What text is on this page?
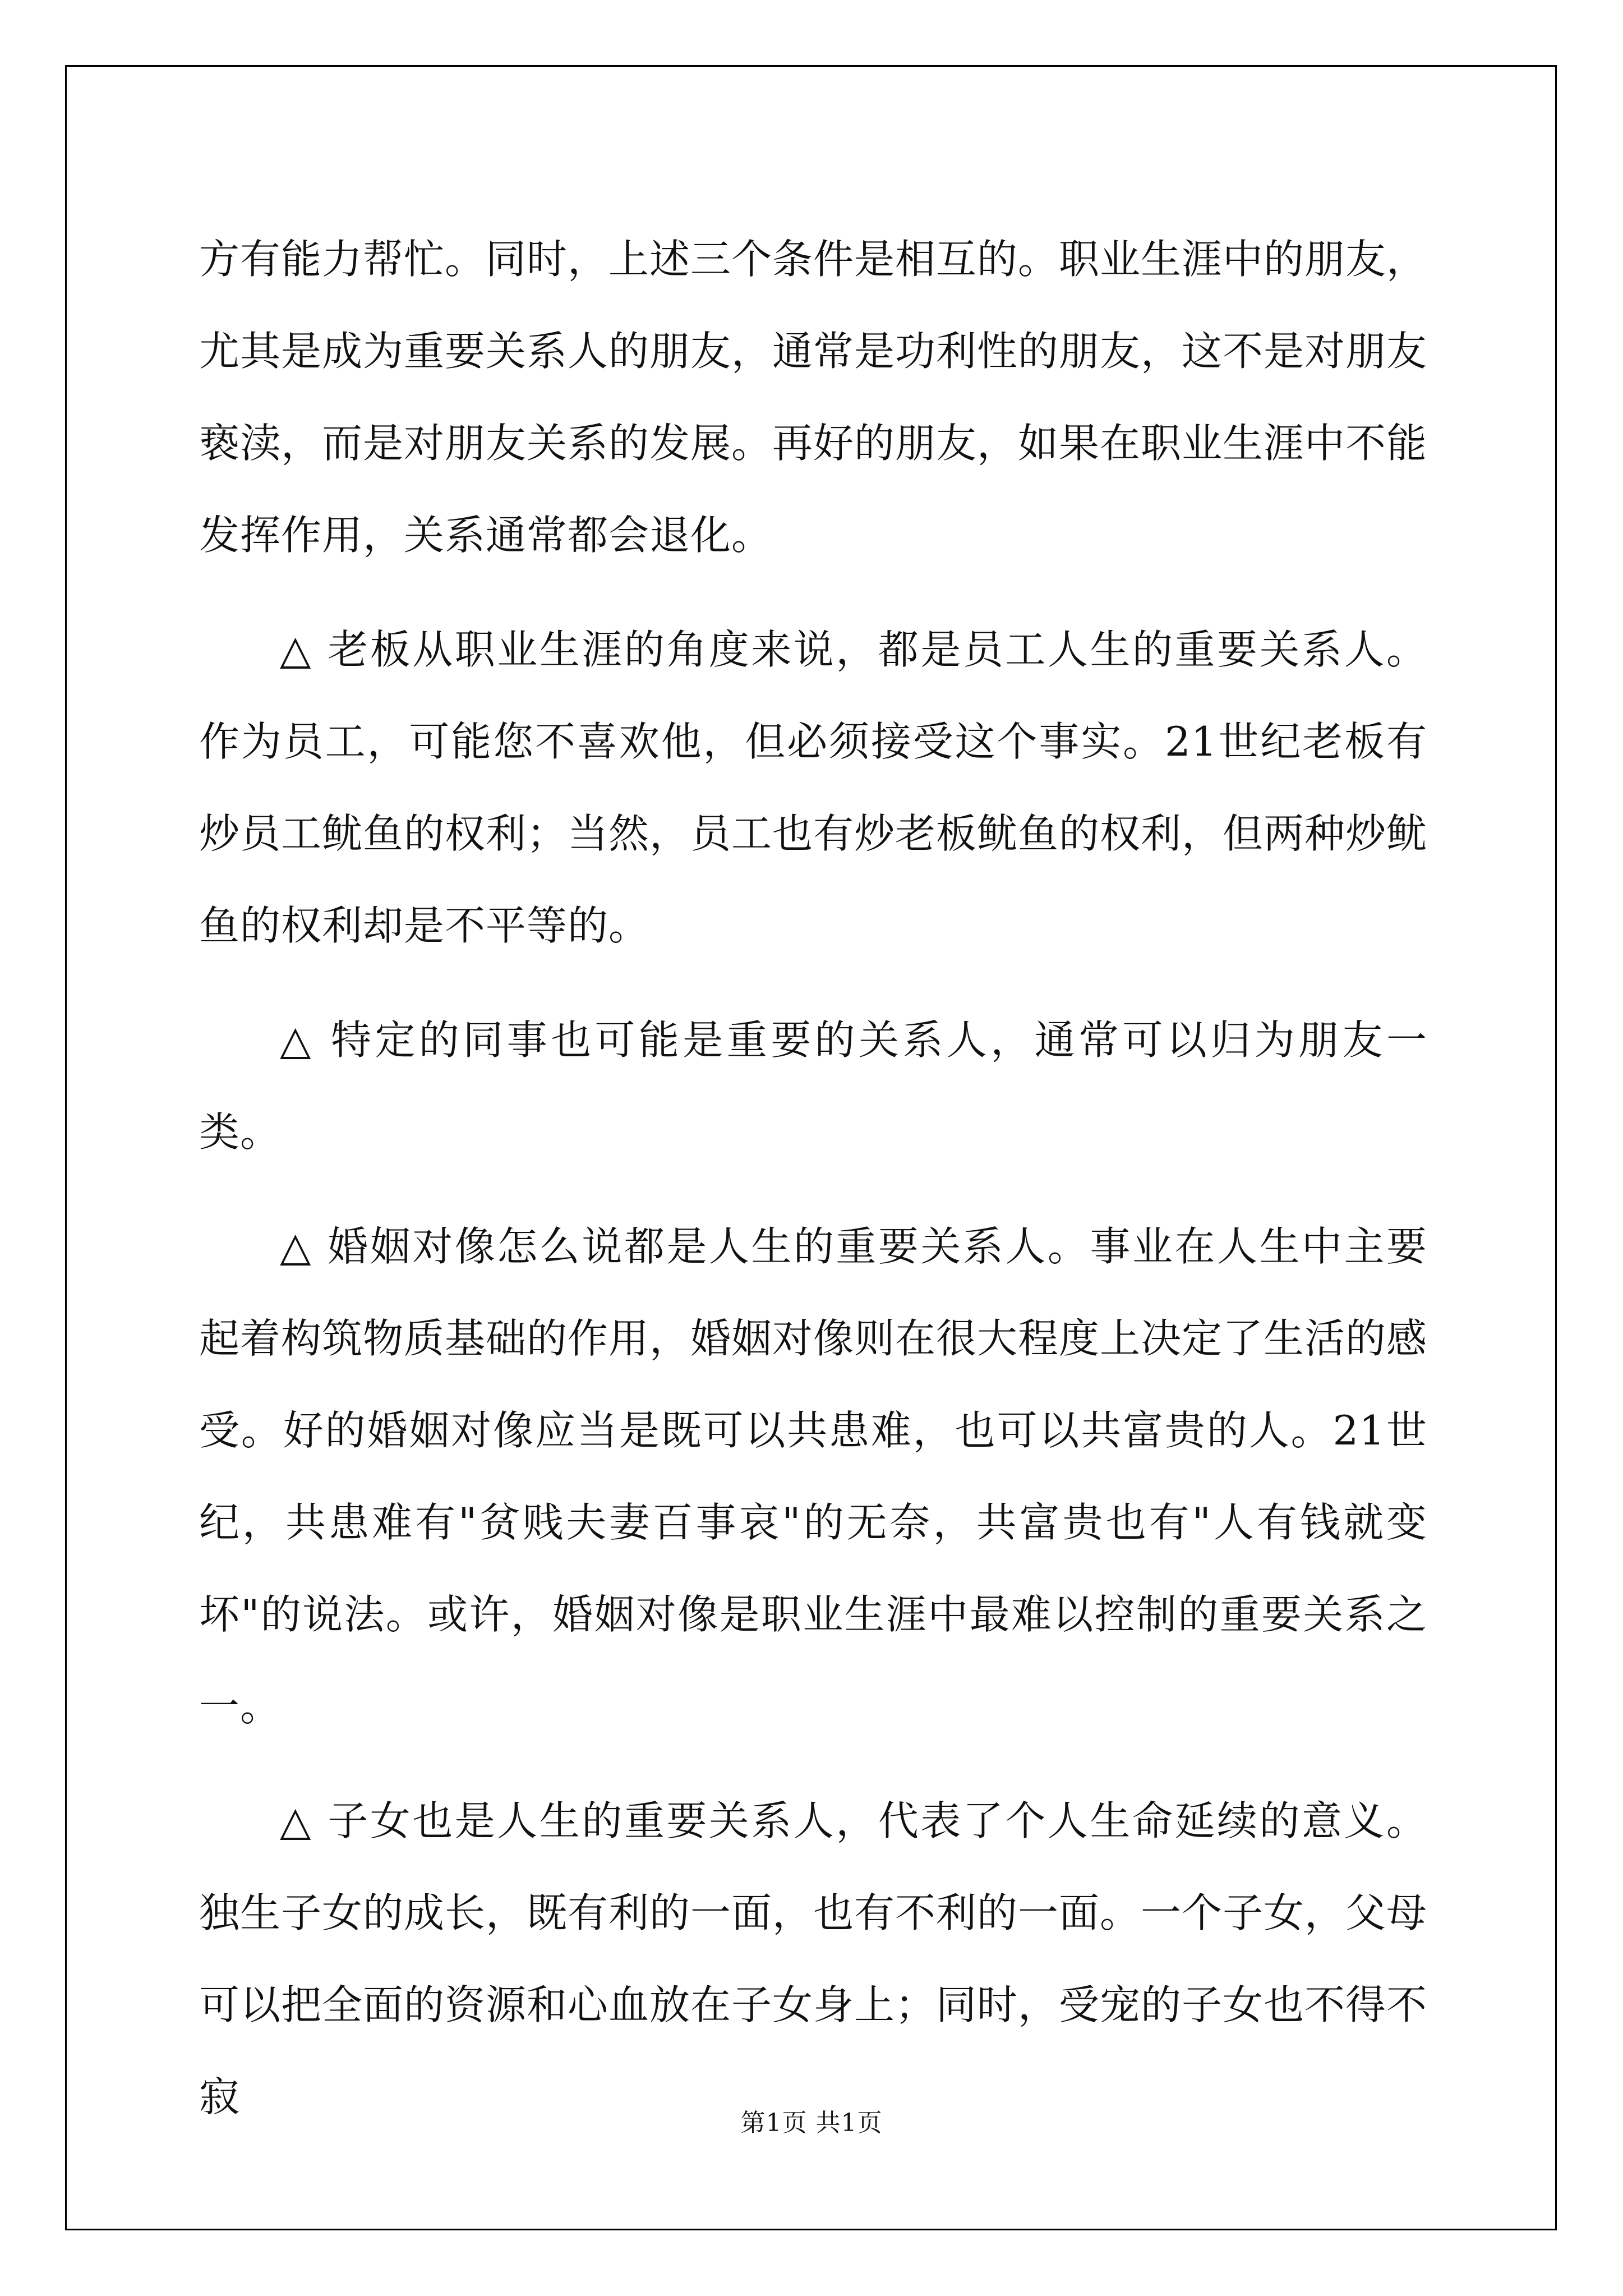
方有能力帮忙。同时，上述三个条件是相互的。职业生涯中的朋友，尤其是成为重要关系人的朋友，通常是功利性的朋友，这不是对朋友亵渎，而是对朋友关系的发展。再好的朋友，如果在职业生涯中不能发挥作用，关系通常都会退化。

△ 老板从职业生涯的角度来说，都是员工人生的重要关系人。作为员工，可能您不喜欢他，但必须接受这个事实。21世纪老板有炒员工鱿鱼的权利；当然，员工也有炒老板鱿鱼的权利，但两种炒鱿鱼的权利却是不平等的。

△ 特定的同事也可能是重要的关系人，通常可以归为朋友一类。

△ 婚姻对像怎么说都是人生的重要关系人。事业在人生中主要起着构筑物质基础的作用，婚姻对像则在很大程度上决定了生活的感受。好的婚姻对像应当是既可以共患难，也可以共富贵的人。21世纪，共患难有"贫贱夫妻百事哀"的无奈，共富贵也有"人有钱就变坏"的说法。或许，婚姻对像是职业生涯中最难以控制的重要关系之一。

△ 子女也是人生的重要关系人，代表了个人生命延续的意义。独生子女的成长，既有利的一面，也有不利的一面。一个子女，父母可以把全面的资源和心血放在子女身上；同时，受宠的子女也不得不寂

第1页 共1页
